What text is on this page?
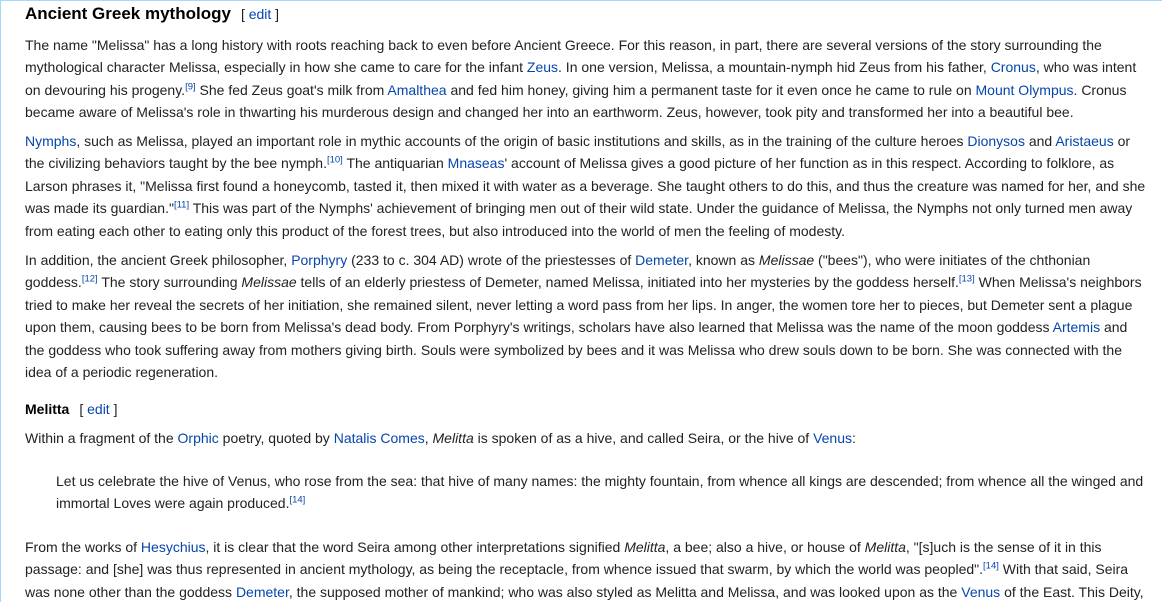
Ancient Greek mythology [ edit ]

The name "Melissa" has a long history with roots reaching back to even before Ancient Greece. For this reason, in part, there are several versions of the story surrounding the mythological character Melissa, especially in how she came to care for the infant Zeus. In one version, Melissa, a mountain-nymph hid Zeus from his father, Cronus, who was intent on devouring his progeny.[9] She fed Zeus goat's milk from Amalthea and fed him honey, giving him a permanent taste for it even once he came to rule on Mount Olympus. Cronus became aware of Melissa's role in thwarting his murderous design and changed her into an earthworm. Zeus, however, took pity and transformed her into a beautiful bee.

Nymphs, such as Melissa, played an important role in mythic accounts of the origin of basic institutions and skills, as in the training of the culture heroes Dionysos and Aristaeus or the civilizing behaviors taught by the bee nymph.[10] The antiquarian Mnaseas' account of Melissa gives a good picture of her function as in this respect. According to folklore, as Larson phrases it, "Melissa first found a honeycomb, tasted it, then mixed it with water as a beverage. She taught others to do this, and thus the creature was named for her, and she was made its guardian."[11] This was part of the Nymphs' achievement of bringing men out of their wild state. Under the guidance of Melissa, the Nymphs not only turned men away from eating each other to eating only this product of the forest trees, but also introduced into the world of men the feeling of modesty.

In addition, the ancient Greek philosopher, Porphyry (233 to c. 304 AD) wrote of the priestesses of Demeter, known as Melissae ("bees"), who were initiates of the chthonian goddess.[12] The story surrounding Melissae tells of an elderly priestess of Demeter, named Melissa, initiated into her mysteries by the goddess herself.[13] When Melissa's neighbors tried to make her reveal the secrets of her initiation, she remained silent, never letting a word pass from her lips. In anger, the women tore her to pieces, but Demeter sent a plague upon them, causing bees to be born from Melissa's dead body. From Porphyry's writings, scholars have also learned that Melissa was the name of the moon goddess Artemis and the goddess who took suffering away from mothers giving birth. Souls were symbolized by bees and it was Melissa who drew souls down to be born. She was connected with the idea of a periodic regeneration.

Melitta [ edit ]

Within a fragment of the Orphic poetry, quoted by Natalis Comes, Melitta is spoken of as a hive, and called Seira, or the hive of Venus:

Let us celebrate the hive of Venus, who rose from the sea: that hive of many names: the mighty fountain, from whence all kings are descended; from whence all the winged and immortal Loves were again produced.[14]

From the works of Hesychius, it is clear that the word Seira among other interpretations signified Melitta, a bee; also a hive, or house of Melitta, "[s]uch is the sense of it in this passage: and [she] was thus represented in ancient mythology, as being the receptacle, from whence issued that swarm, by which the world was peopled".[14] With that said, Seira was none other than the goddess Demeter, the supposed mother of mankind; who was also styled as Melitta and Melissa, and was looked upon as the Venus of the East. This Deity,
